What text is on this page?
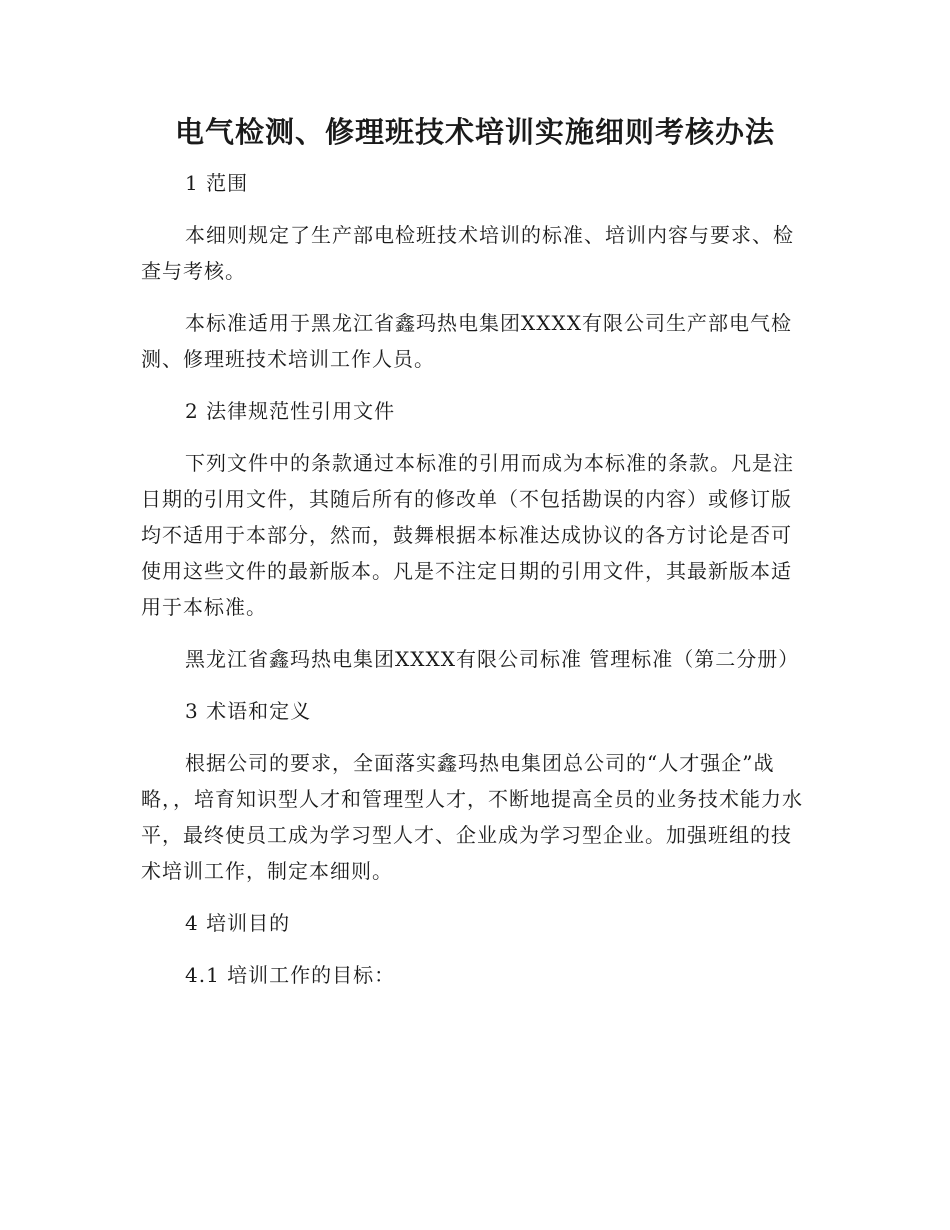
电气检测、修理班技术培训实施细则考核办法

1 范围

本细则规定了生产部电检班技术培训的标准、培训内容与要求、检查与考核。

本标准适用于黑龙江省鑫玛热电集团XXXX有限公司生产部电气检测、修理班技术培训工作人员。

2 法律规范性引用文件

下列文件中的条款通过本标准的引用而成为本标准的条款。凡是注日期的引用文件，其随后所有的修改单（不包括勘误的内容）或修订版均不适用于本部分，然而，鼓舞根据本标准达成协议的各方讨论是否可使用这些文件的最新版本。凡是不注定日期的引用文件，其最新版本适用于本标准。

黑龙江省鑫玛热电集团XXXX有限公司标准 管理标准（第二分册）

3 术语和定义

根据公司的要求，全面落实鑫玛热电集团总公司的“人才强企”战略，，培育知识型人才和管理型人才，不断地提高全员的业务技术能力水平，最终使员工成为学习型人才、企业成为学习型企业。加强班组的技术培训工作，制定本细则。

4 培训目的

4.1 培训工作的目标：
